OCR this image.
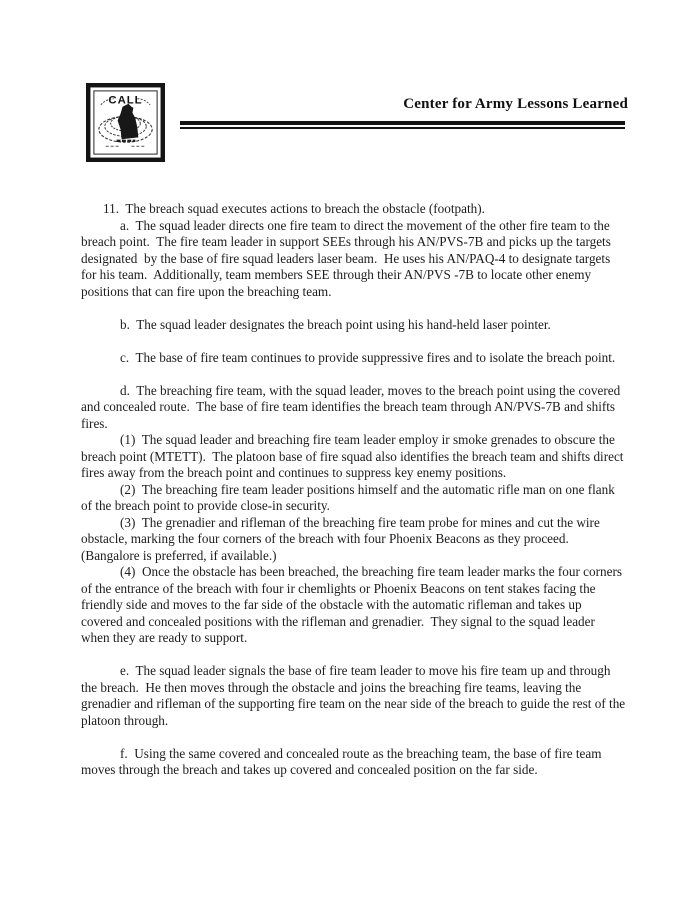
CALL	Center for Army Lessons Learned

11.  The breach squad executes actions to breach the obstacle (footpath).

a.  The squad leader directs one fire team to direct the movement of the other fire team to the breach point.  The fire team leader in support SEEs through his AN/PVS-7B and picks up the targets designated  by the base of fire squad leaders laser beam.  He uses his AN/PAQ-4 to designate targets for his team.  Additionally, team members SEE through their AN/PVS -7B to locate other enemy positions that can fire upon the breaching team.

b.  The squad leader designates the breach point using his hand-held laser pointer.

c.  The base of fire team continues to provide suppressive fires and to isolate the breach point.

d.  The breaching fire team, with the squad leader, moves to the breach point using the covered and concealed route.  The base of fire team identifies the breach team through AN/PVS-7B and shifts fires.

(1)  The squad leader and breaching fire team leader employ ir smoke grenades to obscure the breach point (MTETT).  The platoon base of fire squad also identifies the breach team and shifts direct fires away from the breach point and continues to suppress key enemy positions.

(2)  The breaching fire team leader positions himself and the automatic rifle man on one flank of the breach point to provide close-in security.

(3)  The grenadier and rifleman of the breaching fire team probe for mines and cut the wire obstacle, marking the four corners of the breach with four Phoenix Beacons as they proceed.  (Bangalore is preferred, if available.)

(4)  Once the obstacle has been breached, the breaching fire team leader marks the four corners of the entrance of the breach with four ir chemlights or Phoenix Beacons on tent stakes facing the friendly side and moves to the far side of the obstacle with the automatic rifleman and takes up covered and concealed positions with the rifleman and grenadier.  They signal to the squad leader when they are ready to support.

e.  The squad leader signals the base of fire team leader to move his fire team up and through the breach.  He then moves through the obstacle and joins the breaching fire teams, leaving the grenadier and rifleman of the supporting fire team on the near side of the breach to guide the rest of the platoon through.

f.  Using the same covered and concealed route as the breaching team, the base of fire team moves through the breach and takes up covered and concealed position on the far side.
